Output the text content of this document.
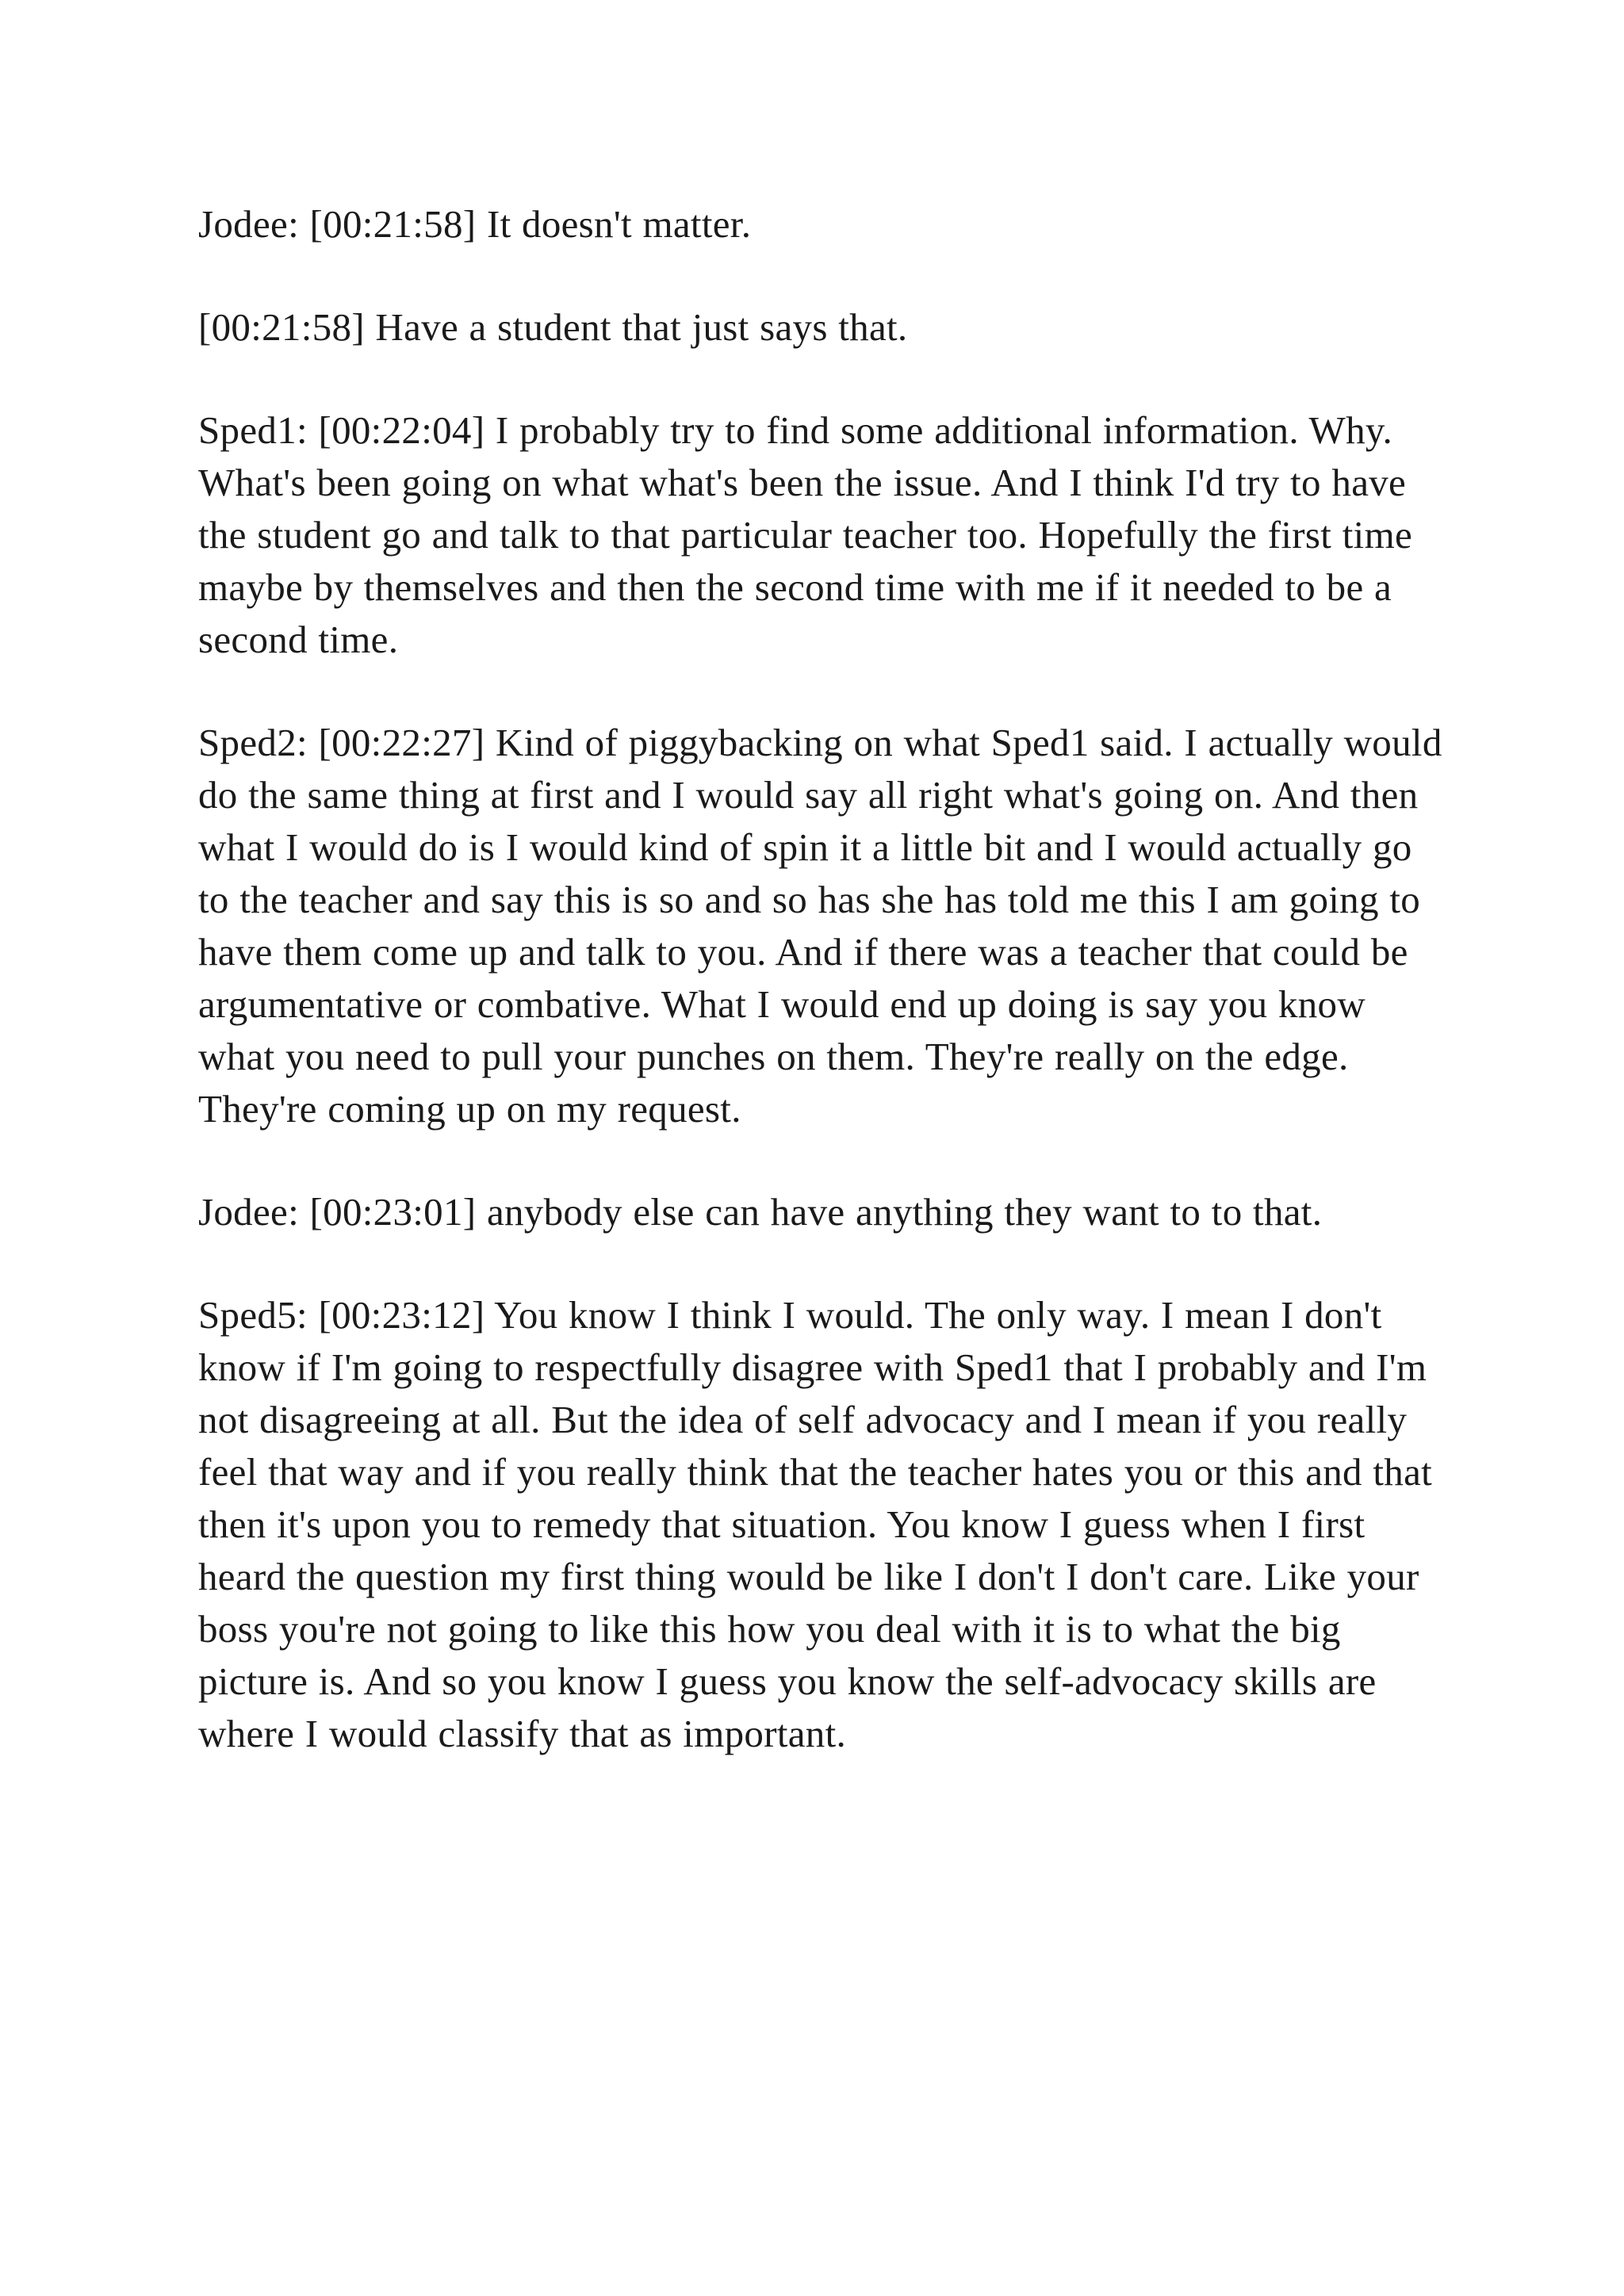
Jodee: [00:21:58] It doesn't matter.

[00:21:58] Have a student that just says that.

Sped1: [00:22:04] I probably try to find some additional information. Why. What's been going on what what's been the issue. And I think I'd try to have the student go and talk to that particular teacher too. Hopefully the first time maybe by themselves and then the second time with me if it needed to be a second time.

Sped2: [00:22:27] Kind of piggybacking on what Sped1 said. I actually would do the same thing at first and I would say all right what's going on. And then what I would do is I would kind of spin it a little bit and I would actually go to the teacher and say this is so and so has she has told me this I am going to have them come up and talk to you. And if there was a teacher that could be argumentative or combative. What I would end up doing is say you know what you need to pull your punches on them. They're really on the edge. They're coming up on my request.

Jodee: [00:23:01] anybody else can have anything they want to to that.

Sped5: [00:23:12] You know I think I would. The only way. I mean I don't know if I'm going to respectfully disagree with Sped1 that I probably and I'm not disagreeing at all. But the idea of self advocacy and I mean if you really feel that way and if you really think that the teacher hates you or this and that then it's upon you to remedy that situation. You know I guess when I first heard the question my first thing would be like I don't I don't care. Like your boss you're not going to like this how you deal with it is to what the big picture is. And so you know I guess you know the self-advocacy skills are where I would classify that as important.
